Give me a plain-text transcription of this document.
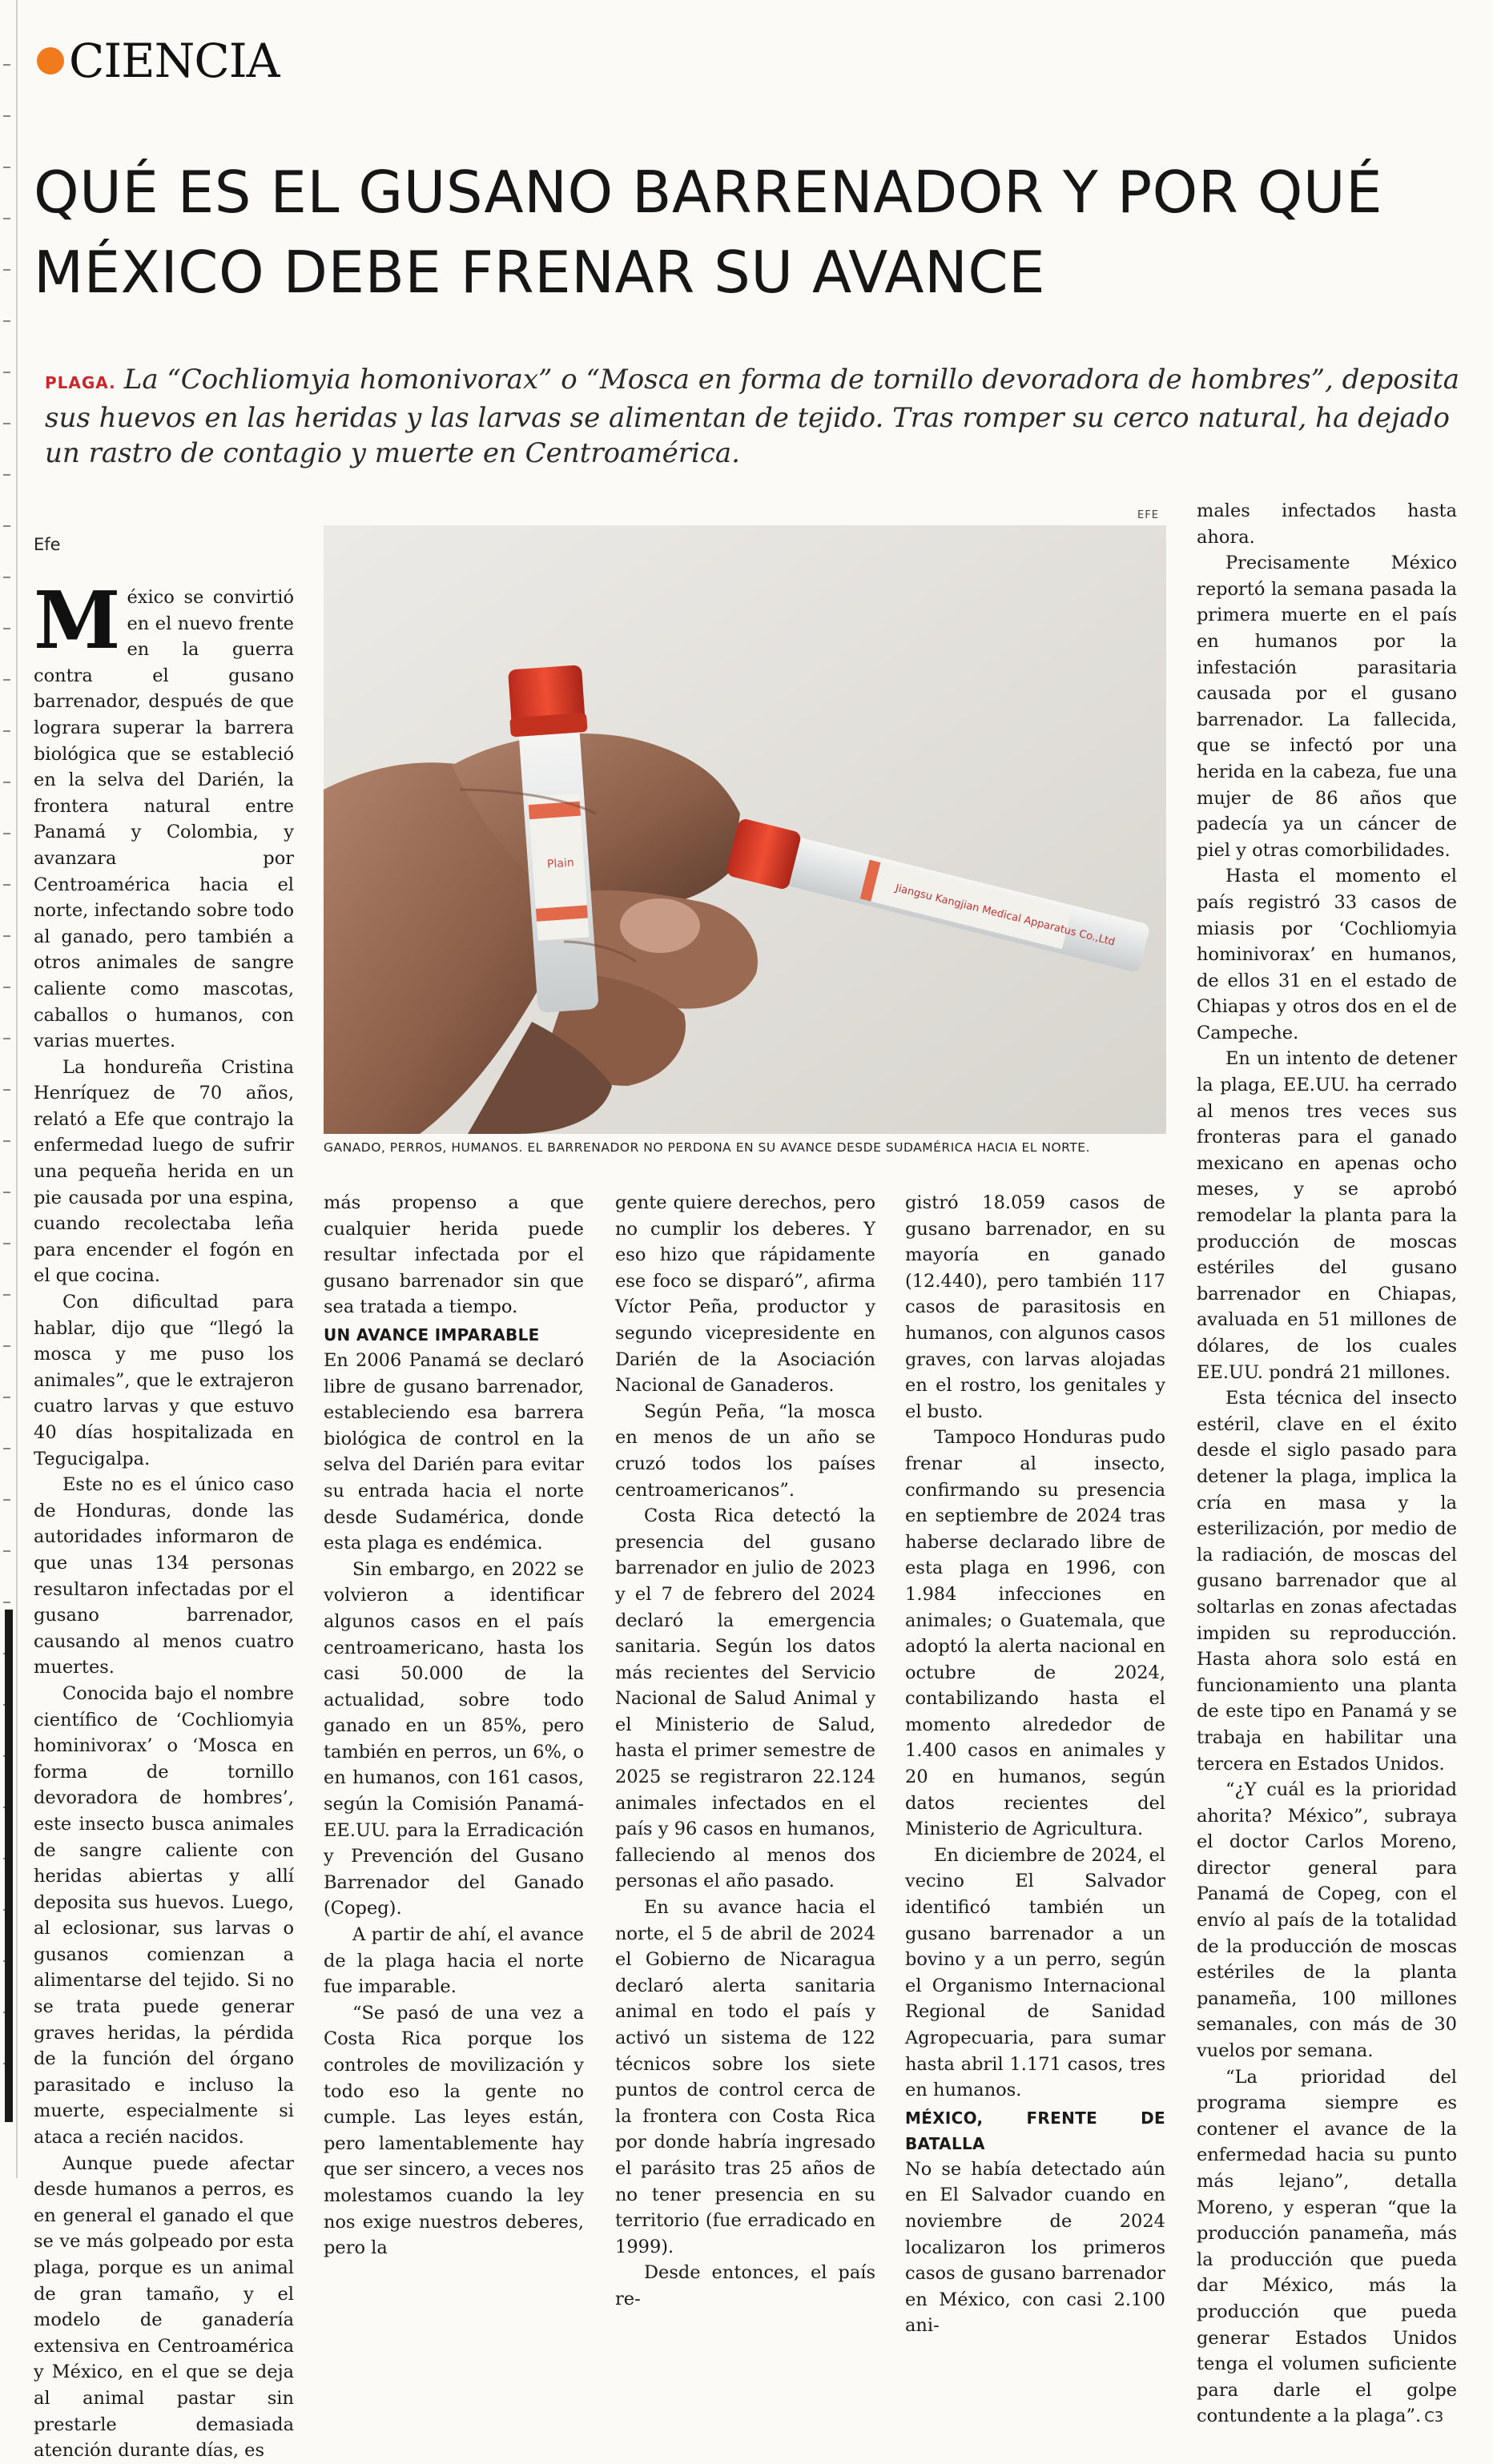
CIENCIA
QUÉ ES EL GUSANO BARRENADOR Y POR QUÉ MÉXICO DEBE FRENAR SU AVANCE

PLAGA. La “Cochliomyia homonivorax” o “Mosca en forma de tornillo devoradora de hombres”, deposita sus huevos en las heridas y las larvas se alimentan de tejido. Tras romper su cerco natural, ha dejado un rastro de contagio y muerte en Centroamérica.

Efe
EFE
Plain
Jiangsu Kangjian Medical Apparatus Co.,Ltd

GANADO, PERROS, HUMANOS. EL BARRENADOR NO PERDONA EN SU AVANCE DESDE SUDAMÉRICA HACIA EL NORTE.

México se convirtió en el nuevo frente en la guerra contra el gusano barrenador, después de que lograra superar la barrera biológica que se estableció en la selva del Darién, la frontera natural entre Panamá y Colombia, y avanzara por Centroamérica hacia el norte, infectando sobre todo al ganado, pero también a otros animales de sangre caliente como mascotas, caballos o humanos, con varias muertes.

La hondureña Cristina Henríquez de 70 años, relató a Efe que contrajo la enfermedad luego de sufrir una pequeña herida en un pie causada por una espina, cuando recolectaba leña para encender el fogón en el que cocina.

Con dificultad para hablar, dijo que “llegó la mosca y me puso los animales”, que le extrajeron cuatro larvas y que estuvo 40 días hospitalizada en Tegucigalpa.

Este no es el único caso de Honduras, donde las autoridades informaron de que unas 134 personas resultaron infectadas por el gusano barrenador, causando al menos cuatro muertes.

Conocida bajo el nombre científico de ‘Cochliomyia hominivorax’ o ‘Mosca en forma de tornillo devoradora de hombres’, este insecto busca animales de sangre caliente con heridas abiertas y allí deposita sus huevos. Luego, al eclosionar, sus larvas o gusanos comienzan a alimentarse del tejido. Si no se trata puede generar graves heridas, la pérdida de la función del órgano parasitado e incluso la muerte, especialmente si ataca a recién nacidos.

Aunque puede afectar desde humanos a perros, es en general el ganado el que se ve más golpeado por esta plaga, porque es un animal de gran tamaño, y el modelo de ganadería extensiva en Centroamérica y México, en el que se deja al animal pastar sin prestarle demasiada atención durante días, es

más propenso a que cualquier herida puede resultar infectada por el gusano barrenador sin que sea tratada a tiempo.

UN AVANCE IMPARABLE

En 2006 Panamá se declaró libre de gusano barrenador, estableciendo esa barrera biológica de control en la selva del Darién para evitar su entrada hacia el norte desde Sudamérica, donde esta plaga es endémica.

Sin embargo, en 2022 se volvieron a identificar algunos casos en el país centroamericano, hasta los casi 50.000 de la actualidad, sobre todo ganado en un 85%, pero también en perros, un 6%, o en humanos, con 161 casos, según la Comisión Panamá-EE.UU. para la Erradicación y Prevención del Gusano Barrenador del Ganado (Copeg).

A partir de ahí, el avance de la plaga hacia el norte fue imparable.

“Se pasó de una vez a Costa Rica porque los controles de movilización y todo eso la gente no cumple. Las leyes están, pero lamentablemente hay que ser sincero, a veces nos molestamos cuando la ley nos exige nuestros deberes, pero la

gente quiere derechos, pero no cumplir los deberes. Y eso hizo que rápidamente ese foco se disparó”, afirma Víctor Peña, productor y segundo vicepresidente en Darién de la Asociación Nacional de Ganaderos.

Según Peña, “la mosca en menos de un año se cruzó todos los países centroamericanos”.

Costa Rica detectó la presencia del gusano barrenador en julio de 2023 y el 7 de febrero del 2024 declaró la emergencia sanitaria. Según los datos más recientes del Servicio Nacional de Salud Animal y el Ministerio de Salud, hasta el primer semestre de 2025 se registraron 22.124 animales infectados en el país y 96 casos en humanos, falleciendo al menos dos personas el año pasado.

En su avance hacia el norte, el 5 de abril de 2024 el Gobierno de Nicaragua declaró alerta sanitaria animal en todo el país y activó un sistema de 122 técnicos sobre los siete puntos de control cerca de la frontera con Costa Rica por donde habría ingresado el parásito tras 25 años de no tener presencia en su territorio (fue erradicado en 1999).

Desde entonces, el país re-

gistró 18.059 casos de gusano barrenador, en su mayoría en ganado (12.440), pero también 117 casos de parasitosis en humanos, con algunos casos graves, con larvas alojadas en el rostro, los genitales y el busto.

Tampoco Honduras pudo frenar al insecto, confirmando su presencia en septiembre de 2024 tras haberse declarado libre de esta plaga en 1996, con 1.984 infecciones en animales; o Guatemala, que adoptó la alerta nacional en octubre de 2024, contabilizando hasta el momento alrededor de 1.400 casos en animales y 20 en humanos, según datos recientes del Ministerio de Agricultura.

En diciembre de 2024, el vecino El Salvador identificó también un gusano barrenador a un bovino y a un perro, según el Organismo Internacional Regional de Sanidad Agropecuaria, para sumar hasta abril 1.171 casos, tres en humanos.

MÉXICO, FRENTE DE BATALLA

No se había detectado aún en El Salvador cuando en noviembre de 2024 localizaron los primeros casos de gusano barrenador en México, con casi 2.100 ani-

males infectados hasta ahora.

Precisamente México reportó la semana pasada la primera muerte en el país en humanos por la infestación parasitaria causada por el gusano barrenador. La fallecida, que se infectó por una herida en la cabeza, fue una mujer de 86 años que padecía ya un cáncer de piel y otras comorbilidades.

Hasta el momento el país registró 33 casos de miasis por ‘Cochliomyia hominivorax’ en humanos, de ellos 31 en el estado de Chiapas y otros dos en el de Campeche.

En un intento de detener la plaga, EE.UU. ha cerrado al menos tres veces sus fronteras para el ganado mexicano en apenas ocho meses, y se aprobó remodelar la planta para la producción de moscas estériles del gusano barrenador en Chiapas, avaluada en 51 millones de dólares, de los cuales EE.UU. pondrá 21 millones.

Esta técnica del insecto estéril, clave en el éxito desde el siglo pasado para detener la plaga, implica la cría en masa y la esterilización, por medio de la radiación, de moscas del gusano barrenador que al soltarlas en zonas afectadas impiden su reproducción. Hasta ahora solo está en funcionamiento una planta de este tipo en Panamá y se trabaja en habilitar una tercera en Estados Unidos.

“¿Y cuál es la prioridad ahorita? México”, subraya el doctor Carlos Moreno, director general para Panamá de Copeg, con el envío al país de la totalidad de la producción de moscas estériles de la planta panameña, 100 millones semanales, con más de 30 vuelos por semana.

“La prioridad del programa siempre es contener el avance de la enfermedad hacia su punto más lejano”, detalla Moreno, y esperan “que la producción panameña, más la producción que pueda dar México, más la producción que pueda generar Estados Unidos tenga el volumen suficiente para darle el golpe contundente a la plaga”. C3
